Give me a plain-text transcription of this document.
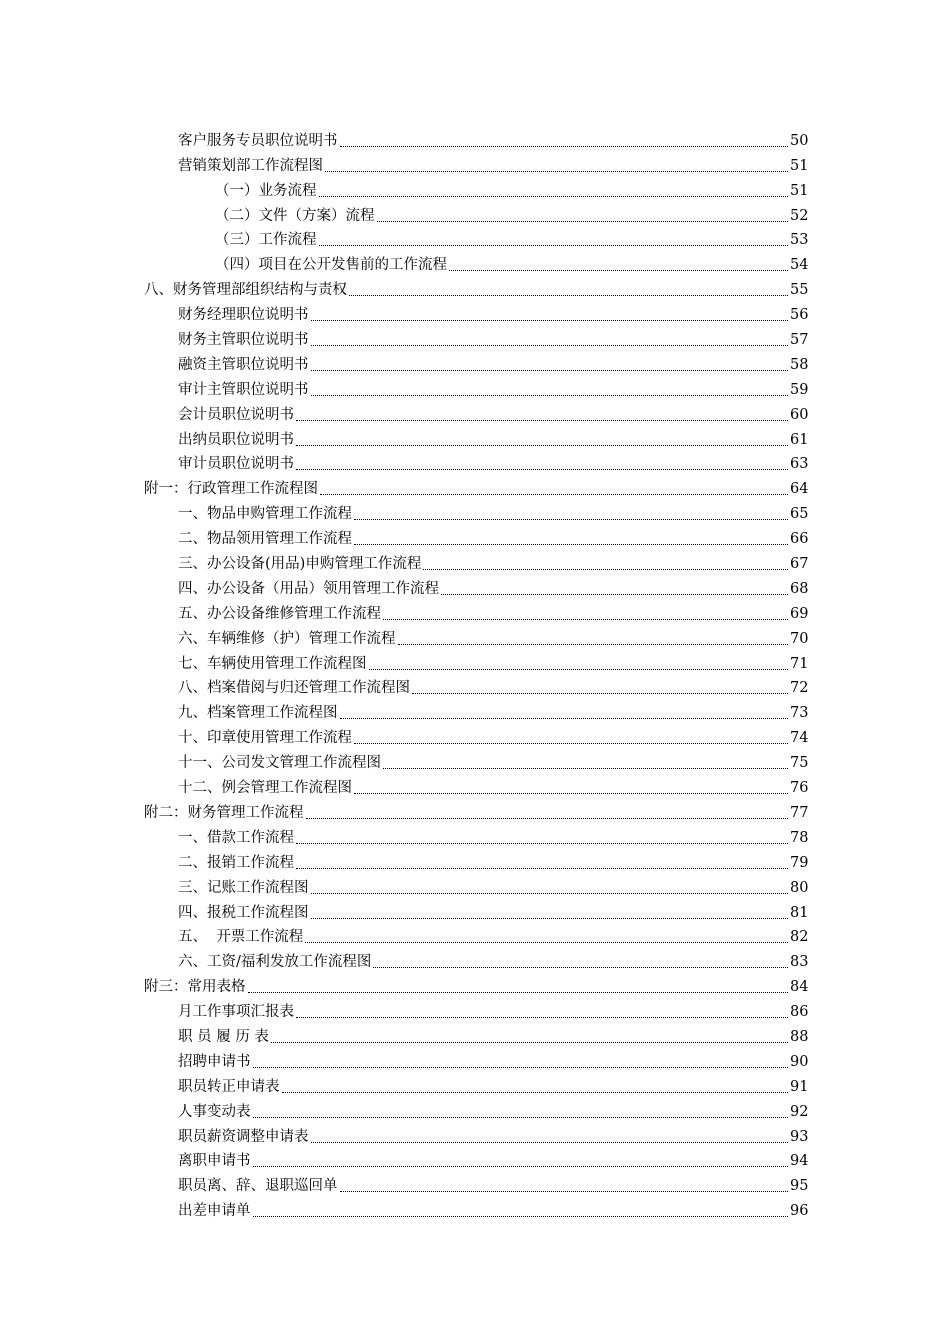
客户服务专员职位说明书	50
营销策划部工作流程图	51
（一）业务流程	51
（二）文件（方案）流程	52
（三）工作流程	53
（四）项目在公开发售前的工作流程	54
八、财务管理部组织结构与责权	55
财务经理职位说明书	56
财务主管职位说明书	57
融资主管职位说明书	58
审计主管职位说明书	59
会计员职位说明书	60
出纳员职位说明书	61
审计员职位说明书	63
附一：行政管理工作流程图	64
一、物品申购管理工作流程	65
二、物品领用管理工作流程	66
三、办公设备(用品)申购管理工作流程	67
四、办公设备（用品）领用管理工作流程	68
五、办公设备维修管理工作流程	69
六、车辆维修（护）管理工作流程	70
七、车辆使用管理工作流程图	71
八、档案借阅与归还管理工作流程图	72
九、档案管理工作流程图	73
十、印章使用管理工作流程	74
十一、公司发文管理工作流程图	75
十二、例会管理工作流程图	76
附二：财务管理工作流程	77
一、借款工作流程	78
二、报销工作流程	79
三、记账工作流程图	80
四、报税工作流程图	81
五、  开票工作流程	82
六、工资/福利发放工作流程图	83
附三：常用表格	84
月工作事项汇报表	86
职 员 履 历 表	88
招聘申请书	90
职员转正申请表	91
人事变动表	92
职员薪资调整申请表	93
离职申请书	94
职员离、辞、退职巡回单	95
出差申请单	96
